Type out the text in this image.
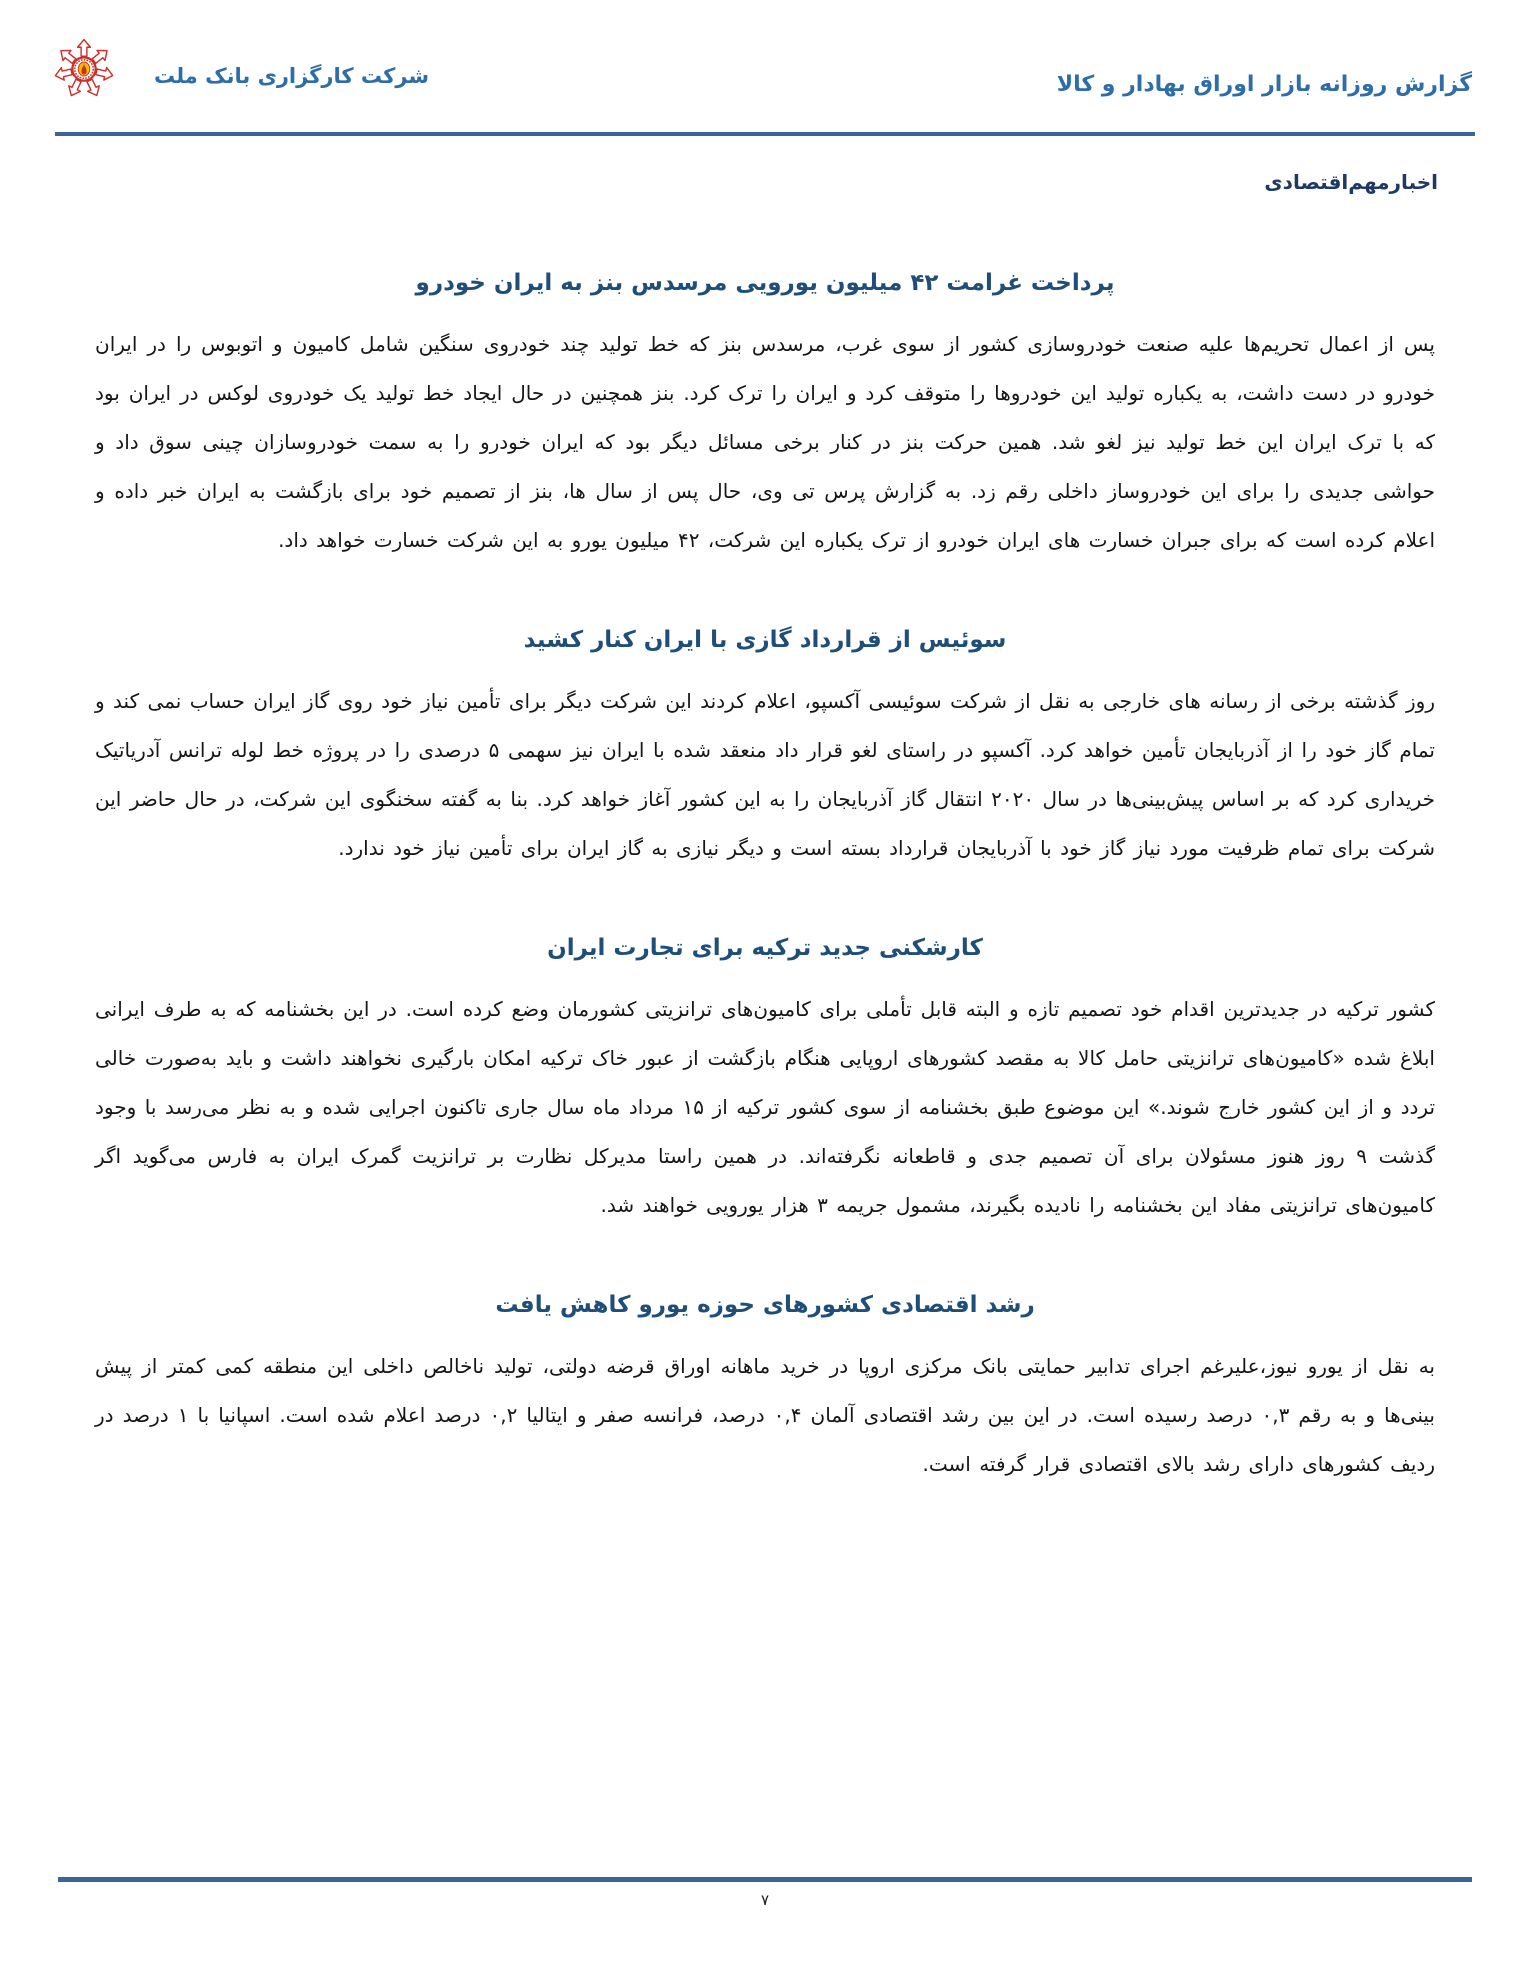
شرکت کارگزاری بانک ملت	گزارش روزانه بازار اوراق بهادار و کالا
اخبارمهم‌اقتصادی
پرداخت غرامت ۴۲ میلیون یورویی مرسدس بنز به ایران خودرو

پس از اعمال تحریم‌ها علیه صنعت خودروسازی کشور از سوی غرب، مرسدس بنز که خط تولید چند خودروی سنگین شامل کامیون و اتوبوس را در ایران خودرو در دست داشت، به یکباره تولید این خودروها را متوقف کرد و ایران را ترک کرد. بنز همچنین در حال ایجاد خط تولید یک خودروی لوکس در ایران بود که با ترک ایران این خط تولید نیز لغو شد. همین حرکت بنز در کنار برخی مسائل دیگر بود که ایران خودرو را به سمت خودروسازان چینی سوق داد و حواشی جدیدی را برای این خودروساز داخلی رقم زد. به گزارش پرس تی وی، حال پس از سال ها، بنز از تصمیم خود برای بازگشت به ایران خبر داده و اعلام کرده است که برای جبران خسارت های ایران خودرو از ترک یکباره این شرکت، ۴۲ میلیون یورو به این شرکت خسارت خواهد داد.

سوئیس از قرارداد گازی با ایران کنار کشید

روز گذشته برخی از رسانه های خارجی به نقل از شرکت سوئیسی آکسپو، اعلام کردند این شرکت دیگر برای تأمین نیاز خود روی گاز ایران حساب نمی کند و تمام گاز خود را از آذربایجان تأمین خواهد کرد. آکسپو در راستای لغو قرار داد منعقد شده با ایران نیز سهمی ۵ درصدی را در پروژه خط لوله ترانس آدریاتیک خریداری کرد که بر اساس پیش‌بینی‌ها در سال ۲۰۲۰ انتقال گاز آذربایجان را به این کشور آغاز خواهد کرد. بنا به گفته سخنگوی این شرکت، در حال حاضر این شرکت برای تمام ظرفیت مورد نیاز گاز خود با آذربایجان قرارداد بسته است و دیگر نیازی به گاز ایران برای تأمین نیاز خود ندارد.

کارشکنی جدید ترکیه برای تجارت ایران

کشور ترکیه در جدیدترین اقدام خود تصمیم تازه و البته قابل تأملی برای کامیون‌های ترانزیتی کشورمان وضع کرده است. در این بخشنامه که به طرف ایرانی ابلاغ شده «کامیون‌های ترانزیتی حامل کالا به مقصد کشورهای اروپایی هنگام بازگشت از عبور خاک ترکیه امکان بارگیری نخواهند داشت و باید به‌صورت خالی تردد و از این کشور خارج شوند.» این موضوع طبق بخشنامه از سوی کشور ترکیه از ۱۵ مرداد ماه سال جاری تاکنون اجرایی شده و به نظر می‌رسد با وجود گذشت ۹ روز هنوز مسئولان برای آن تصمیم جدی و قاطعانه نگرفته‌اند. در همین راستا مدیرکل نظارت بر ترانزیت گمرک ایران به فارس می‌گوید اگر کامیون‌های ترانزیتی مفاد این بخشنامه را نادیده بگیرند، مشمول جریمه ۳ هزار یورویی خواهند شد.

رشد اقتصادی کشورهای حوزه یورو کاهش یافت

به نقل از یورو نیوز،علیرغم اجرای تدابیر حمایتی بانک مرکزی اروپا در خرید ماهانه اوراق قرضه دولتی، تولید ناخالص داخلی این منطقه کمی کمتر از پیش بینی‌ها و به رقم ۰,۳ درصد رسیده است. در این بین رشد اقتصادی آلمان ۰,۴ درصد، فرانسه صفر و ایتالیا ۰,۲ درصد اعلام شده است. اسپانیا با ۱ درصد در ردیف کشورهای دارای رشد بالای اقتصادی قرار گرفته است.

۷
